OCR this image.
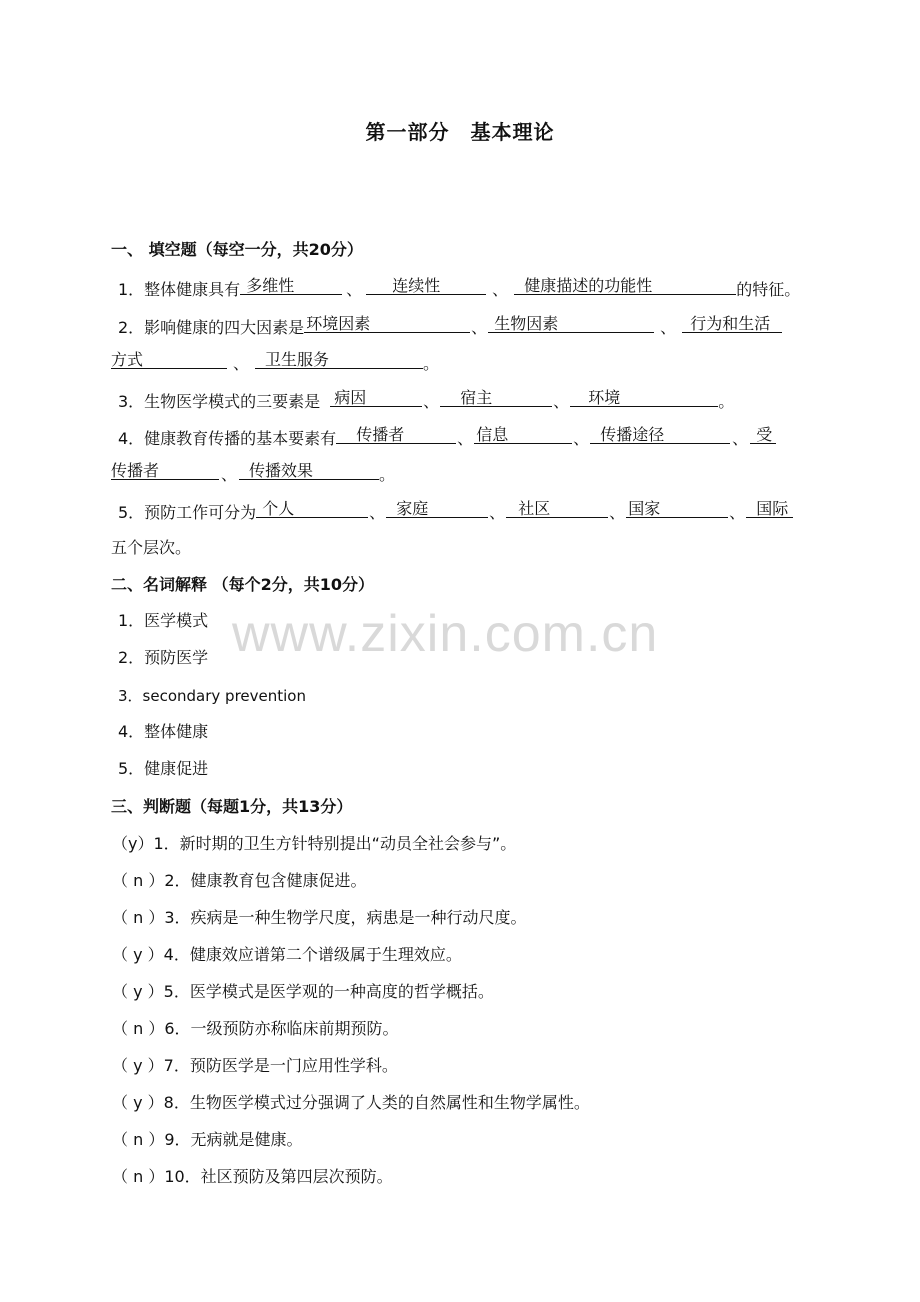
第一部分　基本理论
www.zixin.com.cn
一、 填空题（每空一分，共20分）
1．整体健康具有 多维性	、 连续性	、 健康描述的功能性	的特征。
2．影响健康的四大因素是 环境因素	、 生物因素	、 行为和生活
方式	、 卫生服务	。
3．生物医学模式的三要素是 病因	、 宿主	、 环境	。
4．健康教育传播的基本要素有 传播者	、 信息	、 传播途径	、 受
传播者	、 传播效果	。
5．预防工作可分为 个人	、 家庭	、 社区	、 国家	、 国际
五个层次。
二、名词解释 （每个2分，共10分）
1．医学模式
2．预防医学
3．secondary prevention
4．整体健康
5．健康促进
三、判断题（每题1分，共13分）
（y）1．新时期的卫生方针特别提出“动员全社会参与”。
（ n ）2．健康教育包含健康促进。
（ n ）3．疾病是一种生物学尺度，病患是一种行动尺度。
（ y ）4．健康效应谱第二个谱级属于生理效应。
（ y ）5．医学模式是医学观的一种高度的哲学概括。
（ n ）6．一级预防亦称临床前期预防。
（ y ）7．预防医学是一门应用性学科。
（ y ）8．生物医学模式过分强调了人类的自然属性和生物学属性。
（ n ）9．无病就是健康。
（ n ）10．社区预防及第四层次预防。
